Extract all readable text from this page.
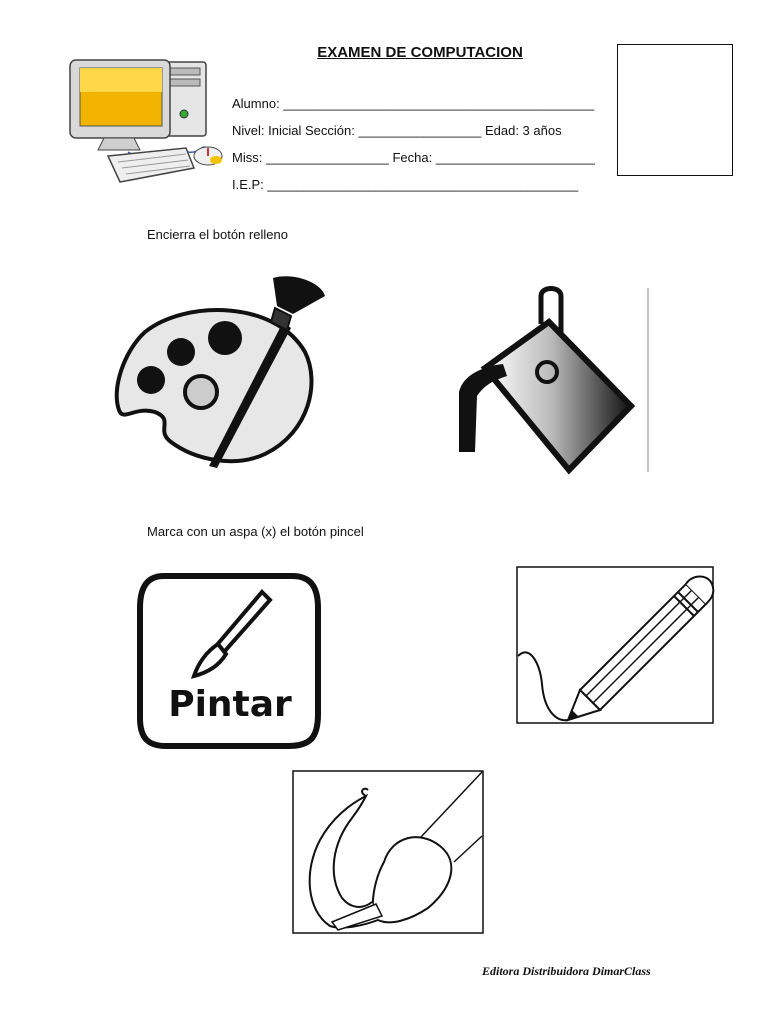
EXAMEN DE COMPUTACION
Alumno: ___________________________________________
Nivel: Inicial Sección: _________________ Edad: 3 años
Miss: _________________ Fecha: ______________________
I.E.P: ___________________________________________
Encierra el botón relleno
Marca con un aspa (x) el botón pincel
Pintar
Editora Distribuidora DimarClass
